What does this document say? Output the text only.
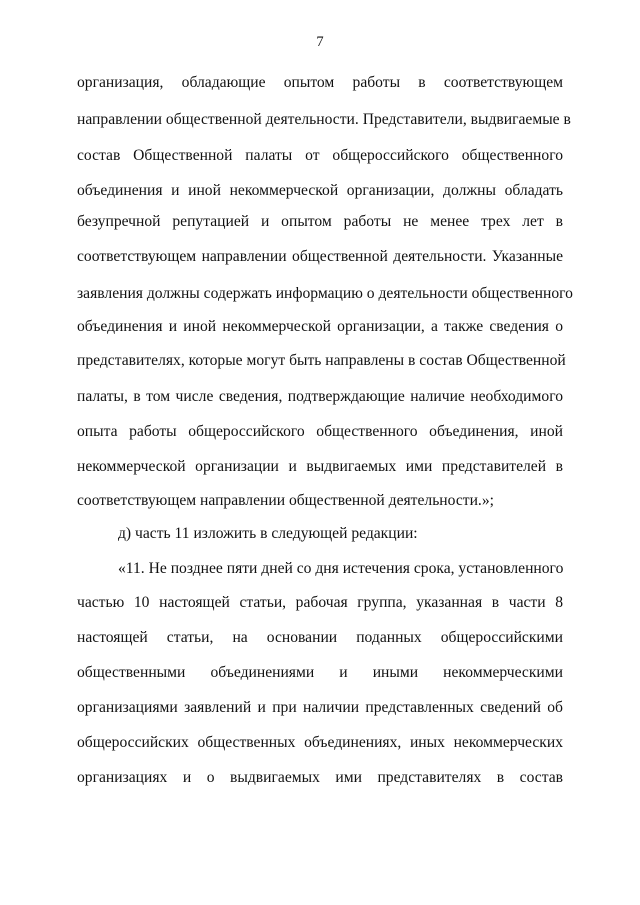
7
организация, обладающие опытом работы в соответствующем
направлении общественной деятельности. Представители, выдвигаемые в
состав Общественной палаты от общероссийского общественного
объединения и иной некоммерческой организации, должны обладать
безупречной репутацией и опытом работы не менее трех лет в
соответствующем направлении общественной деятельности. Указанные
заявления должны содержать информацию о деятельности общественного
объединения и иной некоммерческой организации, а также сведения о
представителях, которые могут быть направлены в состав Общественной
палаты, в том числе сведения, подтверждающие наличие необходимого
опыта работы общероссийского общественного объединения, иной
некоммерческой организации и выдвигаемых ими представителей в
соответствующем направлении общественной деятельности.»;
д) часть 11 изложить в следующей редакции:
«11. Не позднее пяти дней со дня истечения срока, установленного
частью 10 настоящей статьи, рабочая группа, указанная в части 8
настоящей статьи, на основании поданных общероссийскими
общественными объединениями и иными некоммерческими
организациями заявлений и при наличии представленных сведений об
общероссийских общественных объединениях, иных некоммерческих
организациях и о выдвигаемых ими представителях в состав
